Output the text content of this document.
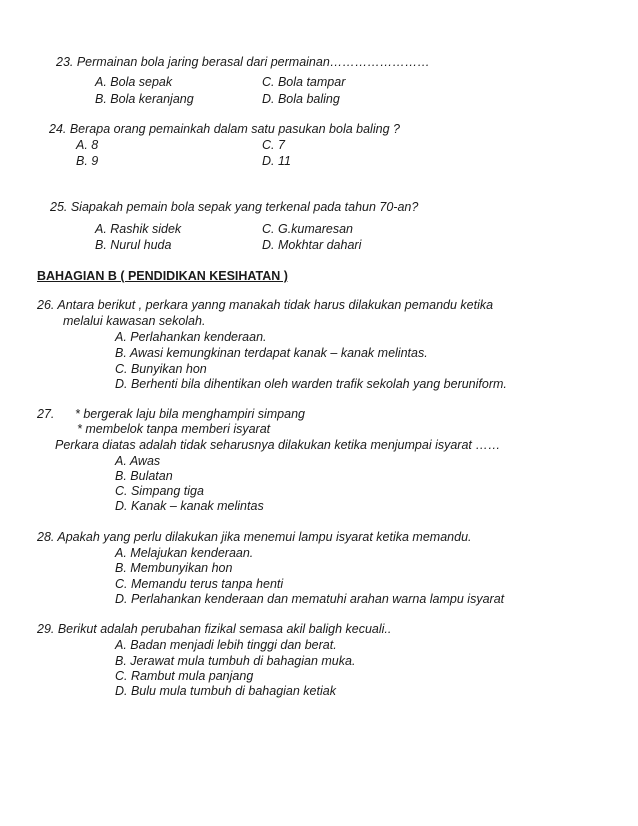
23. Permainan bola jaring berasal dari permainan……………………
A. Bola sepak	C. Bola tampar
B. Bola keranjang	D. Bola baling
24. Berapa orang pemainkah dalam satu pasukan bola baling ?
A. 8	C. 7
B. 9	D. 11
25. Siapakah pemain bola sepak yang terkenal pada tahun 70-an?
A. Rashik sidek	C. G.kumaresan
B. Nurul huda	D. Mokhtar dahari
BAHAGIAN B ( PENDIDIKAN KESIHATAN )
26. Antara berikut , perkara yanng manakah tidak harus dilakukan pemandu ketika
melalui kawasan sekolah.
A. Perlahankan kenderaan.
B. Awasi kemungkinan terdapat kanak – kanak melintas.
C. Bunyikan hon
D. Berhenti bila dihentikan oleh warden trafik sekolah yang beruniform.
27. * bergerak laju bila menghampiri simpang
* membelok tanpa memberi isyarat
Perkara diatas adalah tidak seharusnya dilakukan ketika menjumpai isyarat ……
A. Awas
B. Bulatan
C. Simpang tiga
D. Kanak – kanak melintas
28. Apakah yang perlu dilakukan jika menemui lampu isyarat ketika memandu.
A. Melajukan kenderaan.
B. Membunyikan hon
C. Memandu terus tanpa henti
D. Perlahankan kenderaan dan mematuhi arahan warna lampu isyarat
29. Berikut adalah perubahan fizikal semasa akil baligh kecuali..
A. Badan menjadi lebih tinggi dan berat.
B. Jerawat mula tumbuh di bahagian muka.
C. Rambut mula panjang
D. Bulu mula tumbuh di bahagian ketiak
